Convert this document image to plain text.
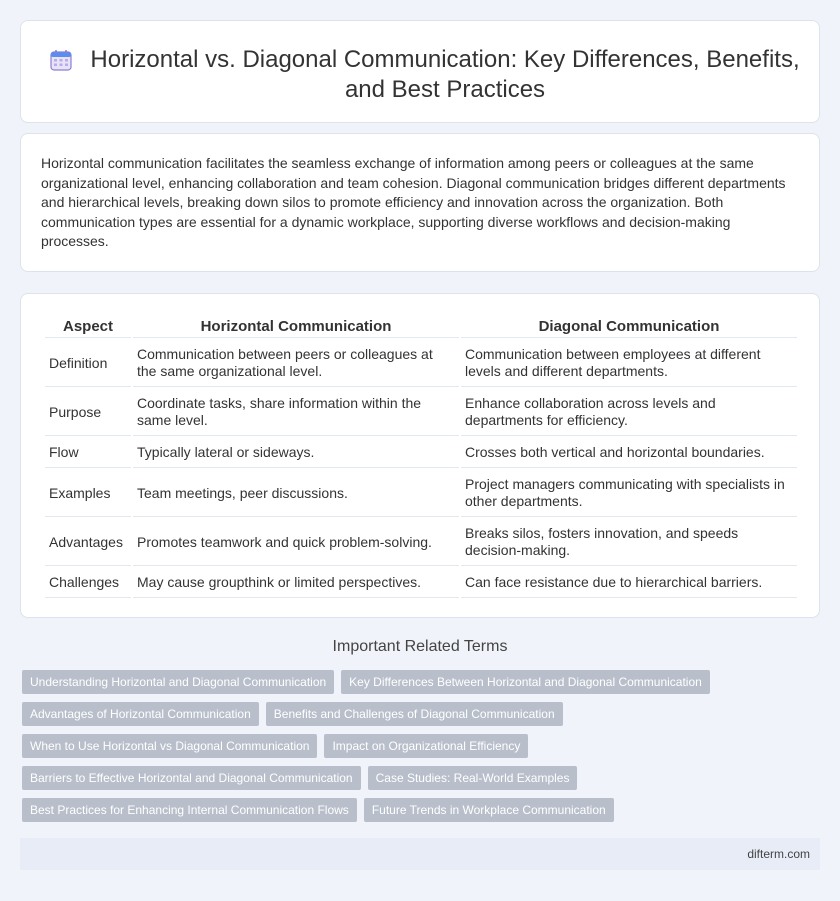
Horizontal vs. Diagonal Communication: Key Differences, Benefits, and Best Practices

Horizontal communication facilitates the seamless exchange of information among peers or colleagues at the same organizational level, enhancing collaboration and team cohesion. Diagonal communication bridges different departments and hierarchical levels, breaking down silos to promote efficiency and innovation across the organization. Both communication types are essential for a dynamic workplace, supporting diverse workflows and decision-making processes.

Aspect	Horizontal Communication	Diagonal Communication
Definition	Communication between peers or colleagues at the same organizational level.	Communication between employees at different levels and different departments.
Purpose	Coordinate tasks, share information within the same level.	Enhance collaboration across levels and departments for efficiency.
Flow	Typically lateral or sideways.	Crosses both vertical and horizontal boundaries.
Examples	Team meetings, peer discussions.	Project managers communicating with specialists in other departments.
Advantages	Promotes teamwork and quick problem-solving.	Breaks silos, fosters innovation, and speeds decision-making.
Challenges	May cause groupthink or limited perspectives.	Can face resistance due to hierarchical barriers.
Important Related Terms
Understanding Horizontal and Diagonal Communication	Key Differences Between Horizontal and Diagonal Communication
Advantages of Horizontal Communication	Benefits and Challenges of Diagonal Communication
When to Use Horizontal vs Diagonal Communication	Impact on Organizational Efficiency
Barriers to Effective Horizontal and Diagonal Communication	Case Studies: Real-World Examples
Best Practices for Enhancing Internal Communication Flows	Future Trends in Workplace Communication
difterm.com
